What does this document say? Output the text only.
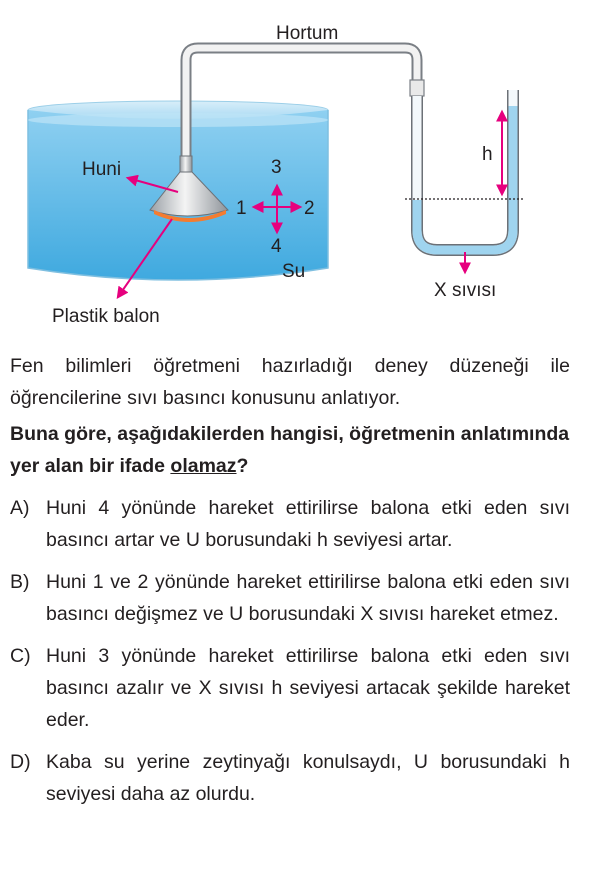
h
X sıvısı
Hortum
Huni	3
1	2
4
Su
Plastik balon
Fen bilimleri öğretmeni hazırladığı deney düzeneği ile öğrencilerine sıvı basıncı konusunu anlatıyor.
Buna göre, aşağıdakilerden hangisi, öğretmenin anlatımında yer alan bir ifade olamaz?
A) Huni 4 yönünde hareket ettirilirse balona etki eden sıvı basıncı artar ve U borusundaki h seviyesi artar.
B) Huni 1 ve 2 yönünde hareket ettirilirse balona etki eden sıvı basıncı değişmez ve U borusundaki X sıvısı hareket etmez.
C) Huni 3 yönünde hareket ettirilirse balona etki eden sıvı basıncı azalır ve X sıvısı h seviyesi artacak şekilde hareket eder.
D) Kaba su yerine zeytinyağı konulsaydı, U borusundaki h seviyesi daha az olurdu.
